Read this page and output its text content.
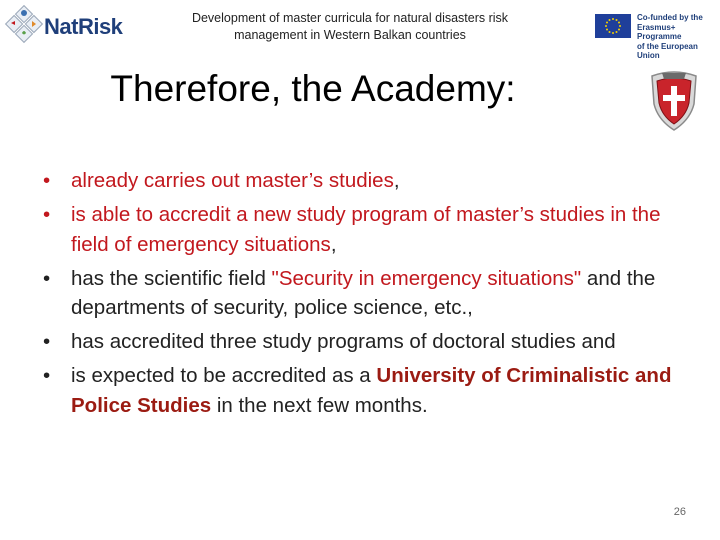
NatRisk	Development of master curricula for natural disasters risk
management in Western Balkan countries
Co-funded by the
Erasmus+ Programme
of the European Union
Therefore, the Academy:
• already carries out master’s studies,
• is able to accredit a new study program of master’s studies in the field of emergency situations,
• has the scientific field "Security in emergency situations" and the departments of security, police science, etc.,
• has accredited three study programs of doctoral studies and
• is expected to be accredited as a University of Criminalistic and Police Studies in the next few months.
26
